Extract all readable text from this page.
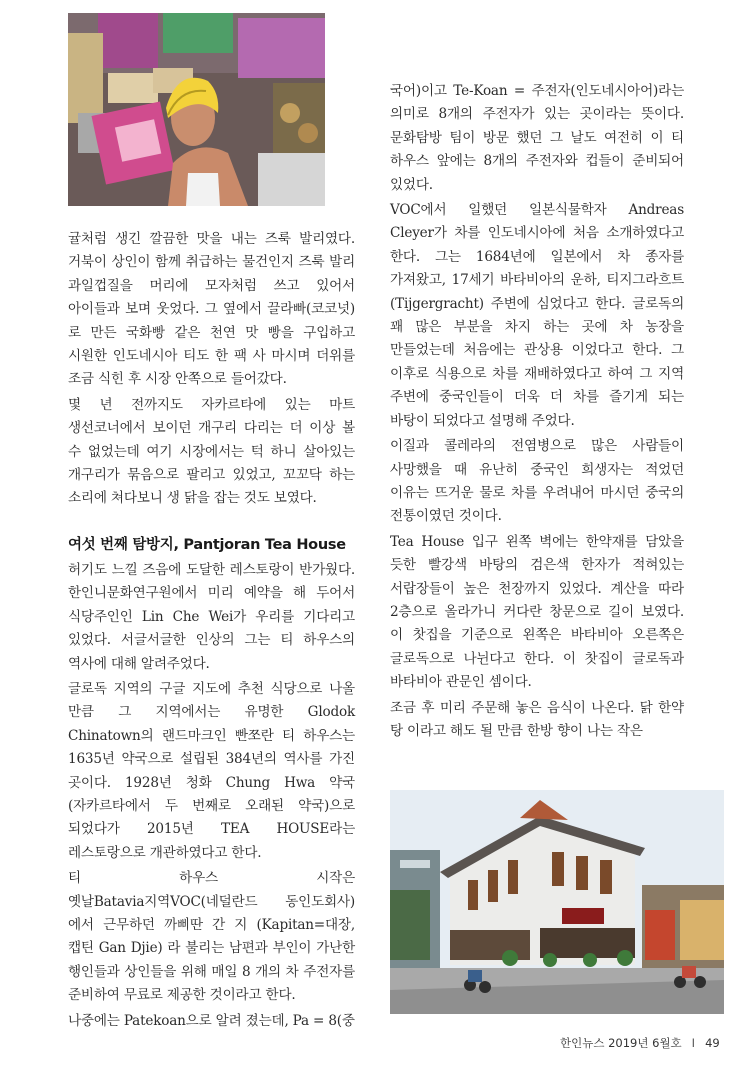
귤처럼 생긴 깔끔한 맛을 내는 즈룩 발리였다. 거북이 상인이 함께 취급하는 물건인지 즈룩 발리 과일껍질을 머리에 모자처럼 쓰고 있어서 아이들과 보며 웃었다. 그 옆에서 끌라빠(코코넛)로 만든 국화빵 같은 천연 맛 빵을 구입하고 시원한 인도네시아 티도 한 팩 사 마시며 더위를 조금 식힌 후 시장 안쪽으로 들어갔다.

몇 년 전까지도 자카르타에 있는 마트 생선코너에서 보이던 개구리 다리는 더 이상 볼 수 없었는데 여기 시장에서는 턱 하니 살아있는 개구리가 묶음으로 팔리고 있었고, 꼬꼬닥 하는 소리에 쳐다보니 생 닭을 잡는 것도 보였다.

여섯 번째 탐방지, Pantjoran Tea House

허기도 느낄 즈음에 도달한 레스토랑이 반가웠다. 한인니문화연구원에서 미리 예약을 해 두어서 식당주인인 Lin Che Wei가 우리를 기다리고 있었다. 서글서글한 인상의 그는 티 하우스의 역사에 대해 알려주었다.

글로독 지역의 구글 지도에 추천 식당으로 나올 만큼 그 지역에서는 유명한 Glodok Chinatown의 랜드마크인 빤쪼란 티 하우스는 1635년 약국으로 설립된 384년의 역사를 가진 곳이다. 1928년 청화 Chung Hwa 약국(자카르타에서 두 번째로 오래된 약국)으로 되었다가 2015년 TEA HOUSE라는 레스토랑으로 개관하였다고 한다.

티 하우스 시작은 옛날Batavia지역VOC(네덜란드 동인도회사)에서 근무하던 까삐딴 간 지 (Kapitan=대장, 캡틴 Gan Djie) 라 불리는 남편과 부인이 가난한 행인들과 상인들을 위해 매일 8 개의 차 주전자를 준비하여 무료로 제공한 것이라고 한다.

나중에는 Patekoan으로 알려 졌는데, Pa = 8(중

국어)이고 Te-Koan = 주전자(인도네시아어)라는 의미로 8개의 주전자가 있는 곳이라는 뜻이다. 문화탐방 팀이 방문 했던 그 날도 여전히 이 티 하우스 앞에는 8개의 주전자와 컵들이 준비되어 있었다.

VOC에서 일했던 일본식물학자 Andreas Cleyer가 차를 인도네시아에 처음 소개하였다고 한다. 그는 1684년에 일본에서 차 종자를 가져왔고, 17세기 바타비아의 운하, 티지그라흐트(Tijgergracht) 주변에 심었다고 한다. 글로독의 꽤 많은 부분을 차지 하는 곳에 차 농장을 만들었는데 처음에는 관상용 이었다고 한다. 그 이후로 식용으로 차를 재배하였다고 하여 그 지역 주변에 중국인들이 더욱 더 차를 즐기게 되는 바탕이 되었다고 설명해 주었다.

이질과 콜레라의 전염병으로 많은 사람들이 사망했을 때 유난히 중국인 희생자는 적었던 이유는 뜨거운 물로 차를 우려내어 마시던 중국의 전통이였던 것이다.

Tea House 입구 왼쪽 벽에는 한약재를 담았을 듯한 빨강색 바탕의 검은색 한자가 적혀있는 서랍장들이 높은 천장까지 있었다. 계산을 따라 2층으로 올라가니 커다란 창문으로 길이 보였다. 이 찻집을 기준으로 왼쪽은 바타비아 오른쪽은 글로독으로 나뉜다고 한다. 이 찻집이 글로독과 바타비아 관문인 셈이다.

조금 후 미리 주문해 놓은 음식이 나온다. 닭 한약 탕 이라고 해도 될 만큼 한방 향이 나는 작은

한인뉴스 2019년 6월호 I 49
